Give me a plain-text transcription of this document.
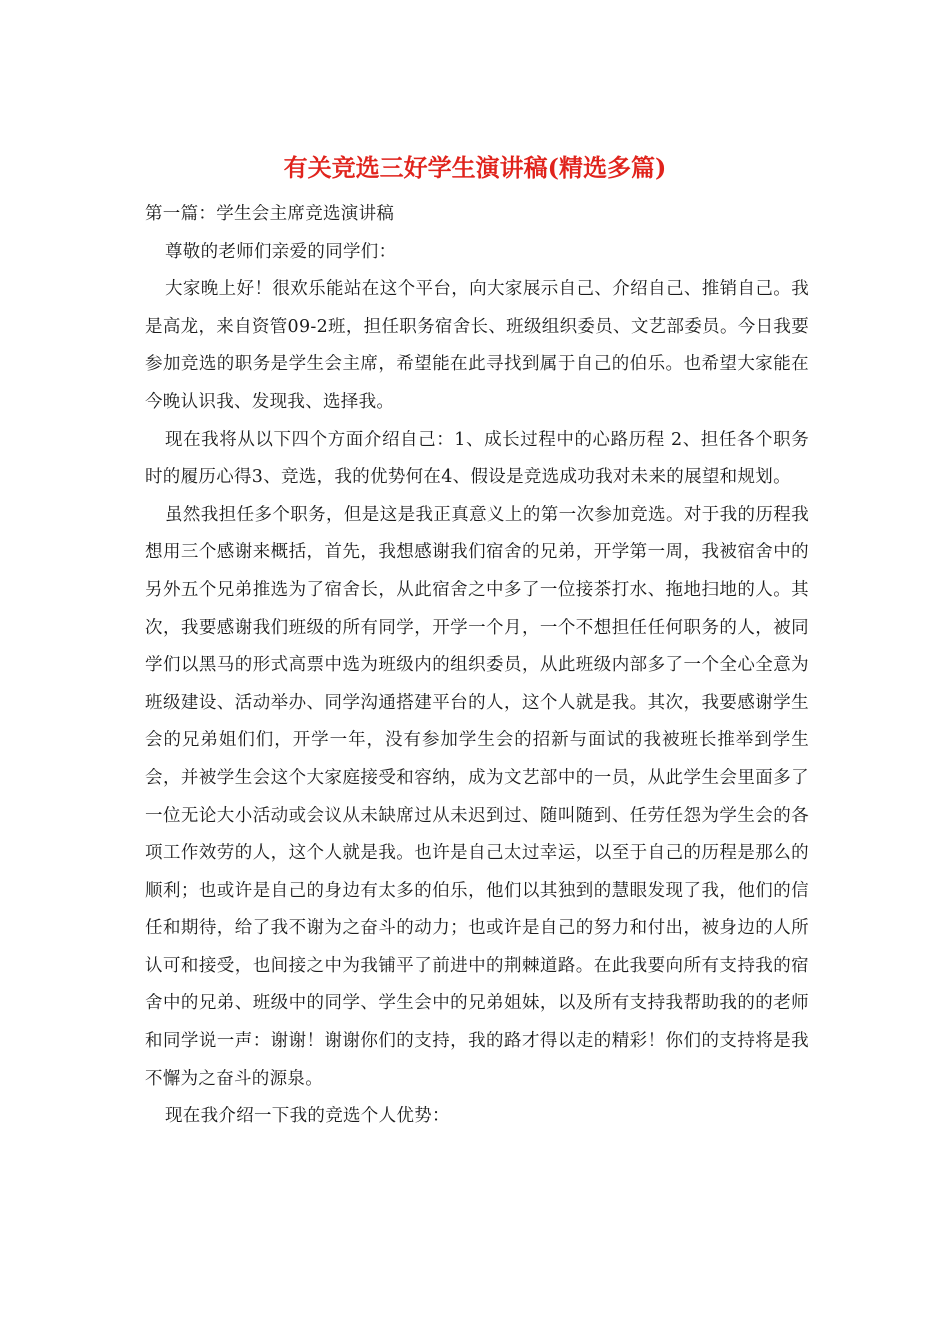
有关竞选三好学生演讲稿(精选多篇)

第一篇：学生会主席竞选演讲稿

尊敬的老师们亲爱的同学们：

大家晚上好！很欢乐能站在这个平台，向大家展示自己、介绍自己、推销自己。我是高龙，来自资管09-2班，担任职务宿舍长、班级组织委员、文艺部委员。今日我要参加竞选的职务是学生会主席，希望能在此寻找到属于自己的伯乐。也希望大家能在今晚认识我、发现我、选择我。

现在我将从以下四个方面介绍自己：1、成长过程中的心路历程 2、担任各个职务时的履历心得3、竞选，我的优势何在4、假设是竞选成功我对未来的展望和规划。

虽然我担任多个职务，但是这是我正真意义上的第一次参加竞选。对于我的历程我想用三个感谢来概括，首先，我想感谢我们宿舍的兄弟，开学第一周，我被宿舍中的另外五个兄弟推选为了宿舍长，从此宿舍之中多了一位接茶打水、拖地扫地的人。其次，我要感谢我们班级的所有同学，开学一个月，一个不想担任任何职务的人，被同学们以黑马的形式高票中选为班级内的组织委员，从此班级内部多了一个全心全意为班级建设、活动举办、同学沟通搭建平台的人，这个人就是我。其次，我要感谢学生会的兄弟姐们们，开学一年，没有参加学生会的招新与面试的我被班长推举到学生会，并被学生会这个大家庭接受和容纳，成为文艺部中的一员，从此学生会里面多了一位无论大小活动或会议从未缺席过从未迟到过、随叫随到、任劳任怨为学生会的各项工作效劳的人，这个人就是我。也许是自己太过幸运，以至于自己的历程是那么的顺利；也或许是自己的身边有太多的伯乐，他们以其独到的慧眼发现了我，他们的信任和期待，给了我不谢为之奋斗的动力；也或许是自己的努力和付出，被身边的人所认可和接受，也间接之中为我铺平了前进中的荆棘道路。在此我要向所有支持我的宿舍中的兄弟、班级中的同学、学生会中的兄弟姐妹，以及所有支持我帮助我的的老师和同学说一声：谢谢！谢谢你们的支持，我的路才得以走的精彩！你们的支持将是我不懈为之奋斗的源泉。

现在我介绍一下我的竞选个人优势：
